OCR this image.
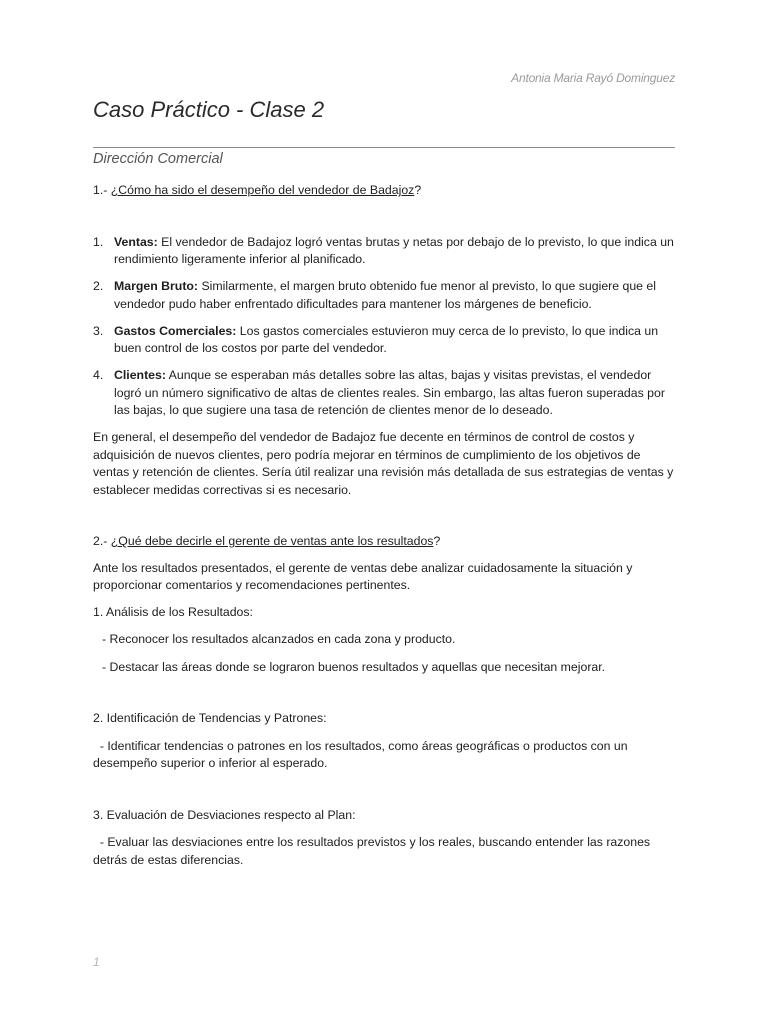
Antonia Maria Rayó Dominguez
Caso Práctico - Clase 2
Dirección Comercial

1.- ¿Cómo ha sido el desempeño del vendedor de Badajoz?

1. Ventas: El vendedor de Badajoz logró ventas brutas y netas por debajo de lo previsto, lo que indica un rendimiento ligeramente inferior al planificado.
2. Margen Bruto: Similarmente, el margen bruto obtenido fue menor al previsto, lo que sugiere que el vendedor pudo haber enfrentado dificultades para mantener los márgenes de beneficio.
3. Gastos Comerciales: Los gastos comerciales estuvieron muy cerca de lo previsto, lo que indica un buen control de los costos por parte del vendedor.
4. Clientes: Aunque se esperaban más detalles sobre las altas, bajas y visitas previstas, el vendedor logró un número significativo de altas de clientes reales. Sin embargo, las altas fueron superadas por las bajas, lo que sugiere una tasa de retención de clientes menor de lo deseado.

En general, el desempeño del vendedor de Badajoz fue decente en términos de control de costos y adquisición de nuevos clientes, pero podría mejorar en términos de cumplimiento de los objetivos de ventas y retención de clientes. Sería útil realizar una revisión más detallada de sus estrategias de ventas y establecer medidas correctivas si es necesario.

2.- ¿Qué debe decirle el gerente de ventas ante los resultados?

Ante los resultados presentados, el gerente de ventas debe analizar cuidadosamente la situación y proporcionar comentarios y recomendaciones pertinentes.

1. Análisis de los Resultados:

- Reconocer los resultados alcanzados en cada zona y producto.

- Destacar las áreas donde se lograron buenos resultados y aquellas que necesitan mejorar.

2. Identificación de Tendencias y Patrones:

- Identificar tendencias o patrones en los resultados, como áreas geográficas o productos con un desempeño superior o inferior al esperado.

3. Evaluación de Desviaciones respecto al Plan:

- Evaluar las desviaciones entre los resultados previstos y los reales, buscando entender las razones detrás de estas diferencias.

1
